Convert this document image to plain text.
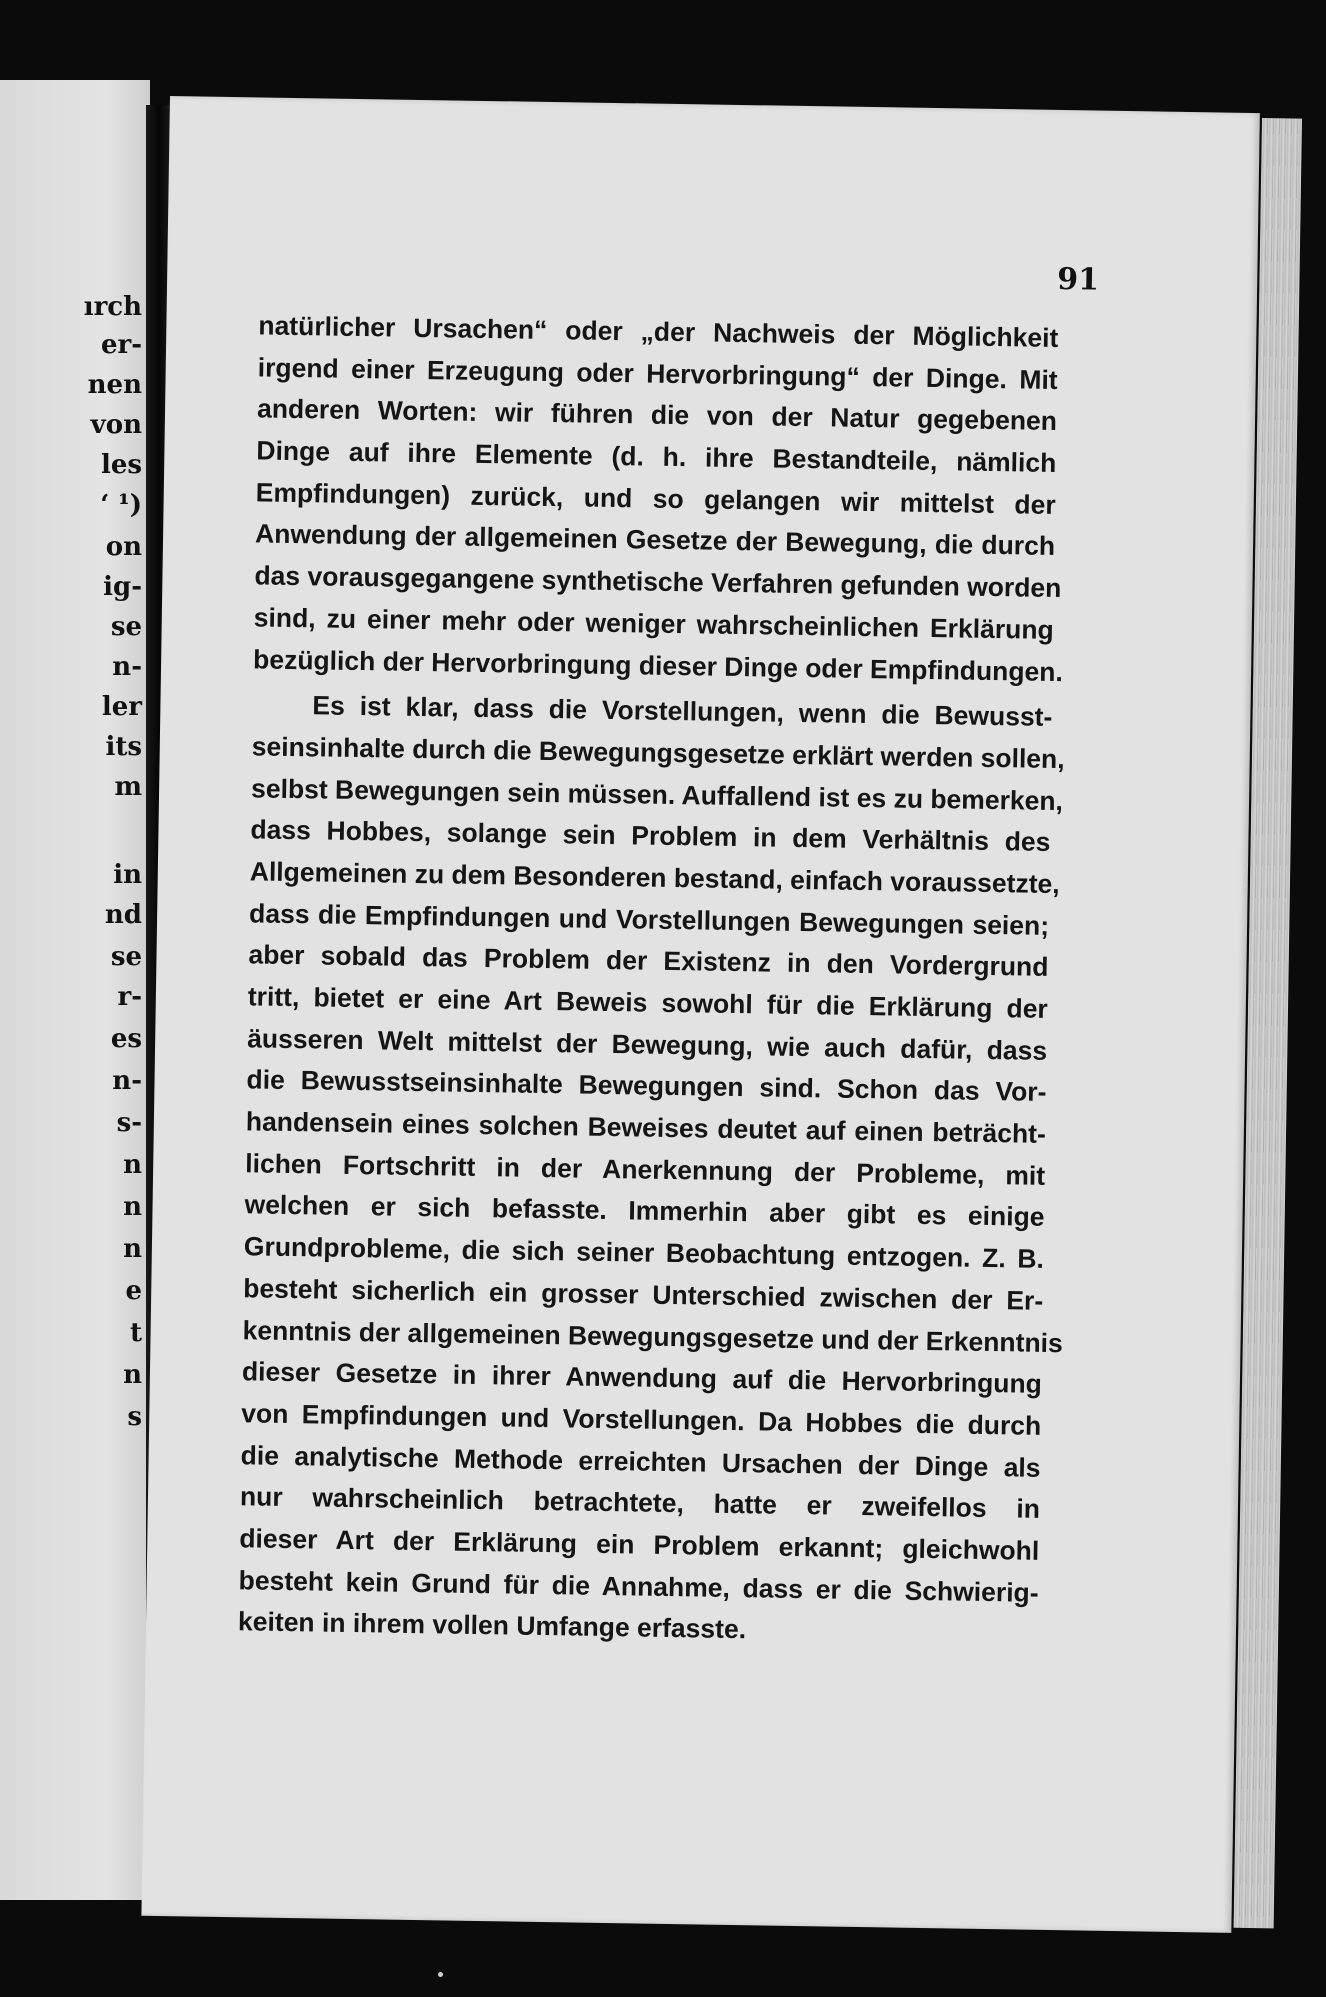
ırch
er-
nen
von
les
‘ ¹)
on
ig-
se
n-
ler
its
m
in
nd
se
r-
es
n-
s-
n
n
n
e
t
n
s
91
natürlicher Ursachen“ oder „der Nachweis der Möglichkeit
irgend einer Erzeugung oder Hervorbringung“ der Dinge. Mit
anderen Worten: wir führen die von der Natur gegebenen
Dinge auf ihre Elemente (d. h. ihre Bestandteile, nämlich
Empfindungen) zurück, und so gelangen wir mittelst der
Anwendung der allgemeinen Gesetze der Bewegung, die durch
das vorausgegangene synthetische Verfahren gefunden worden
sind, zu einer mehr oder weniger wahrscheinlichen Erklärung
bezüglich der Hervorbringung dieser Dinge oder Empfindungen.
Es ist klar, dass die Vorstellungen, wenn die Bewusst-
seinsinhalte durch die Bewegungsgesetze erklärt werden sollen,
selbst Bewegungen sein müssen. Auffallend ist es zu bemerken,
dass Hobbes, solange sein Problem in dem Verhältnis des
Allgemeinen zu dem Besonderen bestand, einfach voraussetzte,
dass die Empfindungen und Vorstellungen Bewegungen seien;
aber sobald das Problem der Existenz in den Vordergrund
tritt, bietet er eine Art Beweis sowohl für die Erklärung der
äusseren Welt mittelst der Bewegung, wie auch dafür, dass
die Bewusstseinsinhalte Bewegungen sind. Schon das Vor-
handensein eines solchen Beweises deutet auf einen beträcht-
lichen Fortschritt in der Anerkennung der Probleme, mit
welchen er sich befasste. Immerhin aber gibt es einige
Grundprobleme, die sich seiner Beobachtung entzogen. Z. B.
besteht sicherlich ein grosser Unterschied zwischen der Er-
kenntnis der allgemeinen Bewegungsgesetze und der Erkenntnis
dieser Gesetze in ihrer Anwendung auf die Hervorbringung
von Empfindungen und Vorstellungen. Da Hobbes die durch
die analytische Methode erreichten Ursachen der Dinge als
nur wahrscheinlich betrachtete, hatte er zweifellos in
dieser Art der Erklärung ein Problem erkannt; gleichwohl
besteht kein Grund für die Annahme, dass er die Schwierig-
keiten in ihrem vollen Umfange erfasste.
